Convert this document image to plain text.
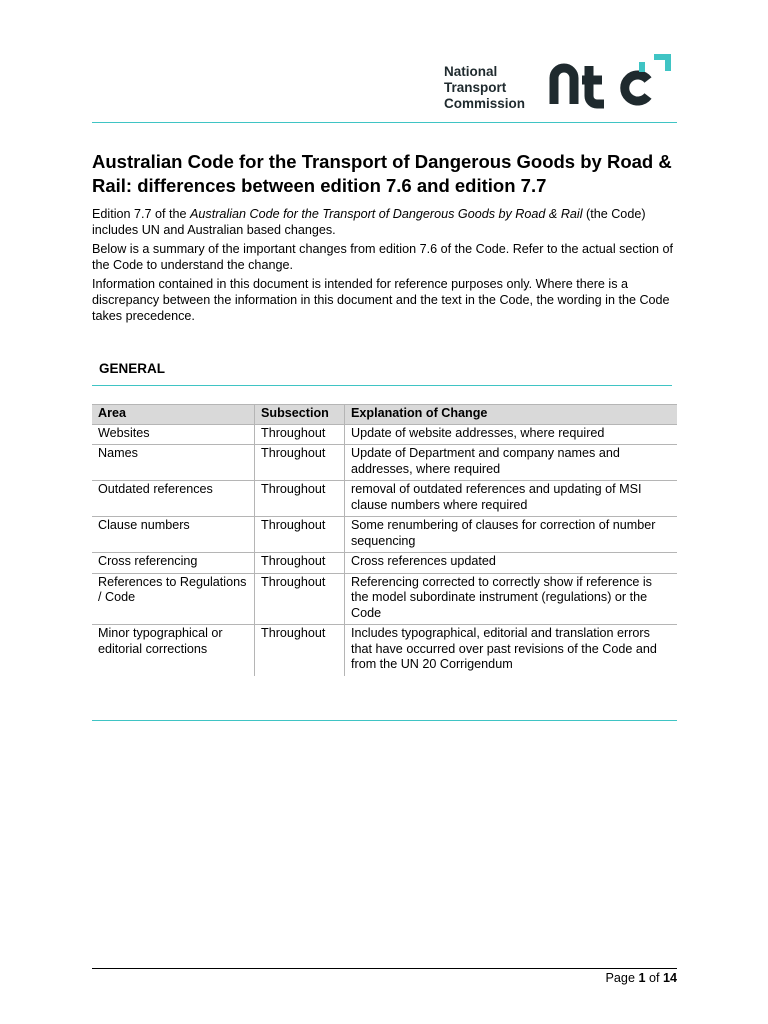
National
Transport
Commission
Australian Code for the Transport of Dangerous Goods by Road & Rail: differences between edition 7.6 and edition 7.7

Edition 7.7 of the Australian Code for the Transport of Dangerous Goods by Road & Rail (the Code) includes UN and Australian based changes.

Below is a summary of the important changes from edition 7.6 of the Code. Refer to the actual section of the Code to understand the change.

Information contained in this document is intended for reference purposes only. Where there is a discrepancy between the information in this document and the text in the Code, the wording in the Code takes precedence.

GENERAL
Area	Subsection	Explanation of Change
Websites	Throughout	Update of website addresses, where required
Names	Throughout	Update of Department and company names and addresses, where required
Outdated references	Throughout	removal of outdated references and updating of MSI clause numbers where required
Clause numbers	Throughout	Some renumbering of clauses for correction of number sequencing
Cross referencing	Throughout	Cross references updated
References to Regulations / Code	Throughout	Referencing corrected to correctly show if reference is the model subordinate instrument (regulations) or the Code
Minor typographical or editorial corrections	Throughout	Includes typographical, editorial and translation errors that have occurred over past revisions of the Code and from the UN 20 Corrigendum
Page 1 of 14
